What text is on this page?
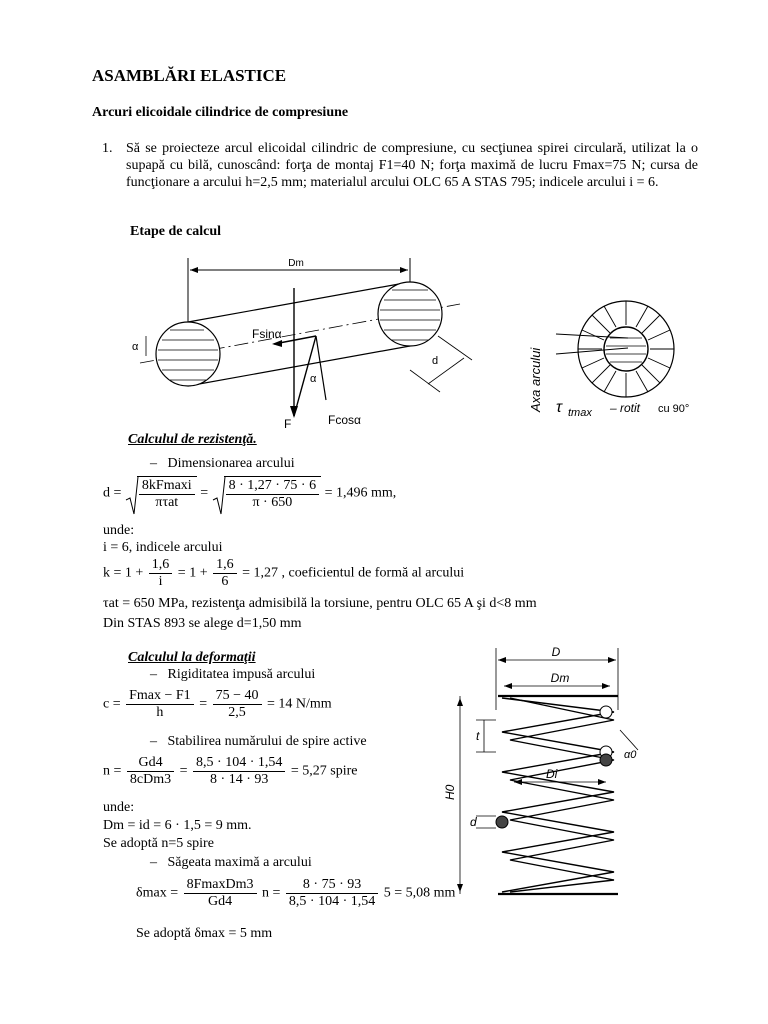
ASAMBLĂRI ELASTICE
Arcuri elicoidale cilindrice de compresiune
1. Să se proiecteze arcul elicoidal cilindric de compresiune, cu secţiunea spirei circulară, utilizat la o supapă cu bilă, cunoscând: forţa de montaj F1=40 N; forţa maximă de lucru Fmax=75 N; cursa de funcţionare a arcului h=2,5 mm; materialul arcului OLC 65 A STAS 795; indicele arcului i = 6.
Etape de calcul
Dm
α
d
Fsinα
α
F	Fcosα
Axa arcului τ tmax – rotit cu 90°
Calculul de rezistenţă.
–   Dimensionarea arcului
$d = \frac{8kFmaxi}{\text{πτat}} = \frac{8 \cdot 1,27 \cdot 75 \cdot 6}{\pi \cdot 650} = 1,496$ mm,
unde:
i = 6, indicele arcului
$k = 1 + \frac{1,6}{i} = 1 + \frac{1,6}{6} = 1,27$ , coeficientul de formă al arcului
τat = 650 MPa, rezistenţa admisibilă la torsiune, pentru OLC 65 A şi d<8 mm
Din STAS 893 se alege d=1,50 mm
Calculul la deformaţii
–   Rigiditatea impusă arcului
$c = \frac{Fmax - F1}{h} = \frac{75 - 40}{2,5} = 14$ N/mm
–   Stabilirea numărului de spire active
$n = \frac{Gd4}{\text{8cDm3}} = \frac{8,5 \cdot 104 \cdot 1,54}{8 \cdot 14 \cdot 93} = 5,27$ spire
unde:
Dm = id = 6 · 1,5 = 9 mm.
Se adoptă n=5 spire
–   Săgeata maximă a arcului
$\delta\max = \frac{\text{8FmaxDm3}}{Gd4}$ $n = \frac{8 \cdot 75 \cdot 93}{8,5 \cdot 104 \cdot 1,54} 5 = 5,08$ mm
Se adoptă δmax = 5 mm
D
Dm
t
H0
Di
d
α0
